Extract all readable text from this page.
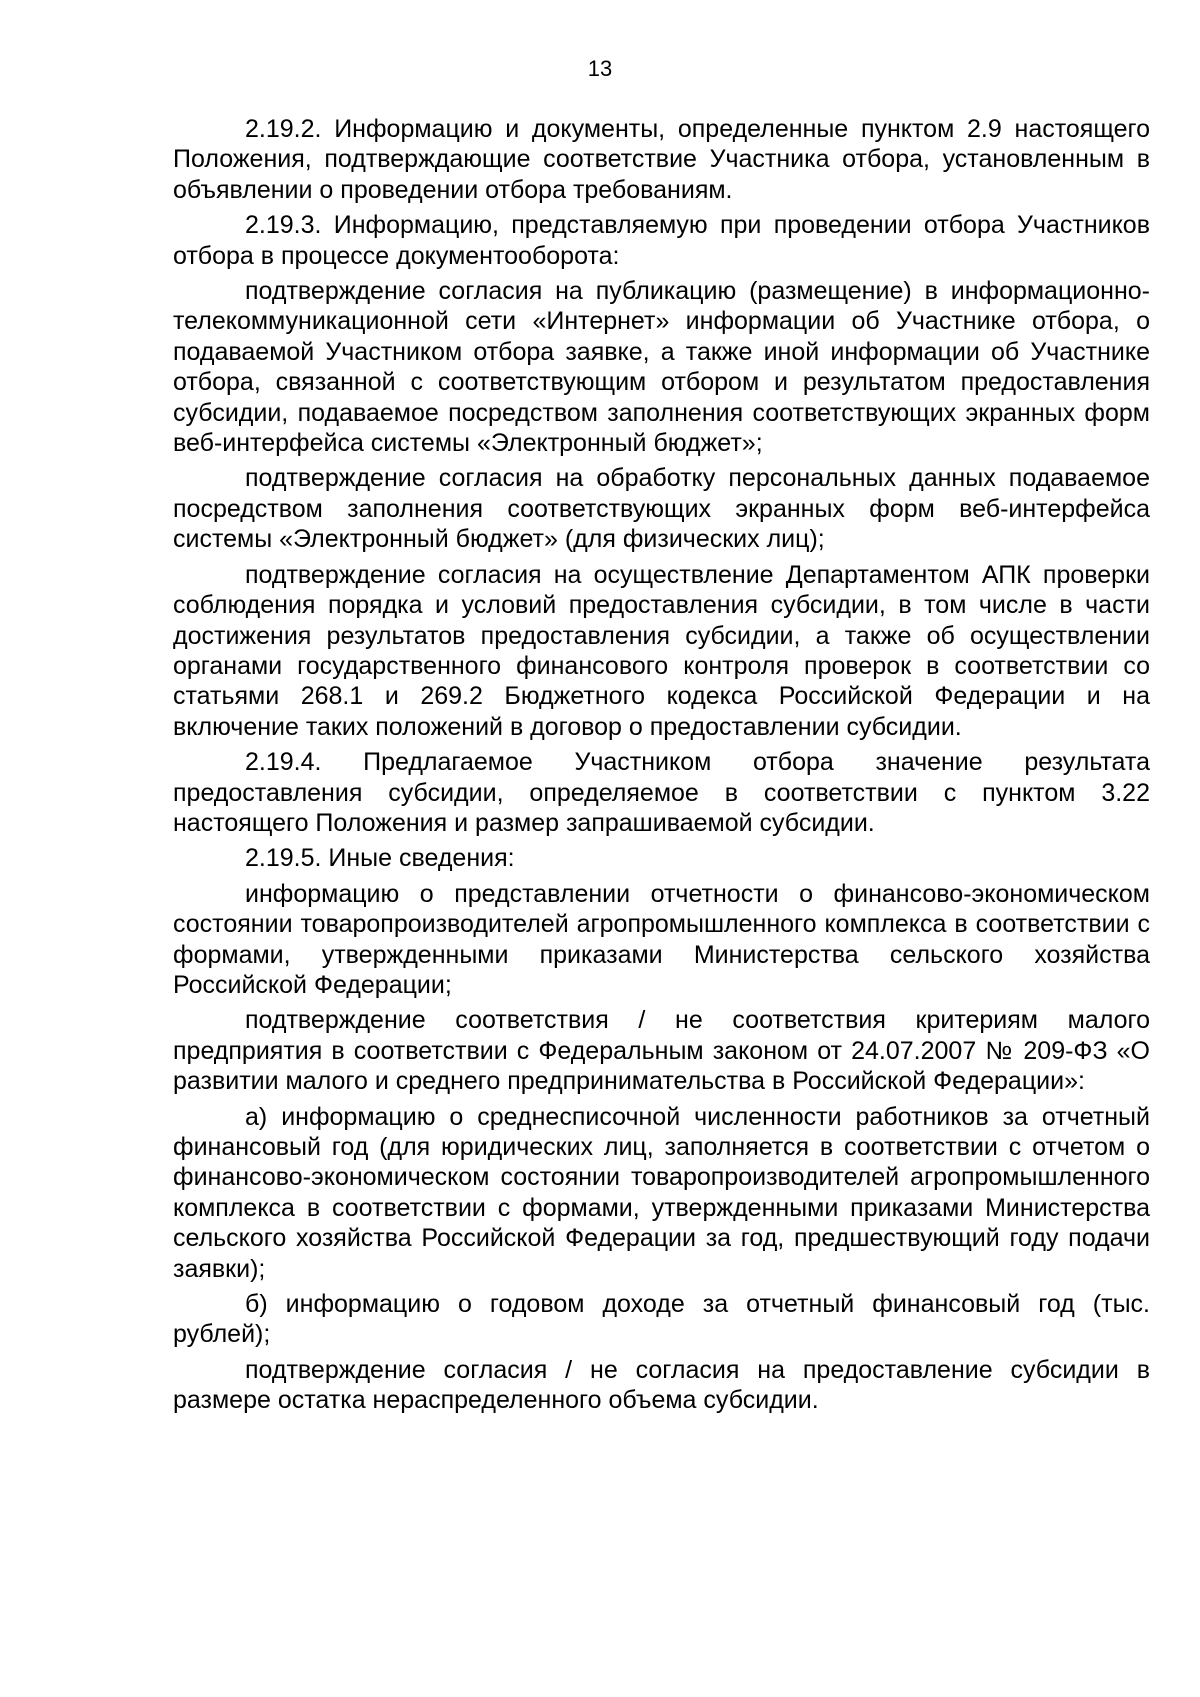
13

2.19.2. Информацию и документы, определенные пунктом 2.9 настоящего Положения, подтверждающие соответствие Участника отбора, установленным в объявлении о проведении отбора требованиям.

2.19.3. Информацию, представляемую при проведении отбора Участников отбора в процессе документооборота:

подтверждение согласия на публикацию (размещение) в информационно-телекоммуникационной сети «Интернет» информации об Участнике отбора, о подаваемой Участником отбора заявке, а также иной информации об Участнике отбора, связанной с соответствующим отбором и результатом предоставления субсидии, подаваемое посредством заполнения соответствующих экранных форм веб-интерфейса системы «Электронный бюджет»;

подтверждение согласия на обработку персональных данных подаваемое посредством заполнения соответствующих экранных форм веб-интерфейса системы «Электронный бюджет» (для физических лиц);

подтверждение согласия на осуществление Департаментом АПК проверки соблюдения порядка и условий предоставления субсидии, в том числе в части достижения результатов предоставления субсидии, а также об осуществлении органами государственного финансового контроля проверок в соответствии со статьями 268.1 и 269.2 Бюджетного кодекса Российской Федерации и на включение таких положений в договор о предоставлении субсидии.

2.19.4. Предлагаемое Участником отбора значение результата предоставления субсидии, определяемое в соответствии с пунктом 3.22 настоящего Положения и размер запрашиваемой субсидии.

2.19.5. Иные сведения:

информацию о представлении отчетности о финансово-экономическом состоянии товаропроизводителей агропромышленного комплекса в соответствии с формами, утвержденными приказами Министерства сельского хозяйства Российской Федерации;

подтверждение соответствия / не соответствия критериям малого предприятия в соответствии с Федеральным законом от 24.07.2007 № 209-ФЗ «О развитии малого и среднего предпринимательства в Российской Федерации»:

а) информацию о среднесписочной численности работников за отчетный финансовый год (для юридических лиц, заполняется в соответствии с отчетом о финансово-экономическом состоянии товаропроизводителей агропромышленного комплекса в соответствии с формами, утвержденными приказами Министерства сельского хозяйства Российской Федерации за год, предшествующий году подачи заявки);

б) информацию о годовом доходе за отчетный финансовый год (тыс. рублей);

подтверждение согласия / не согласия на предоставление субсидии в размере остатка нераспределенного объема субсидии.
